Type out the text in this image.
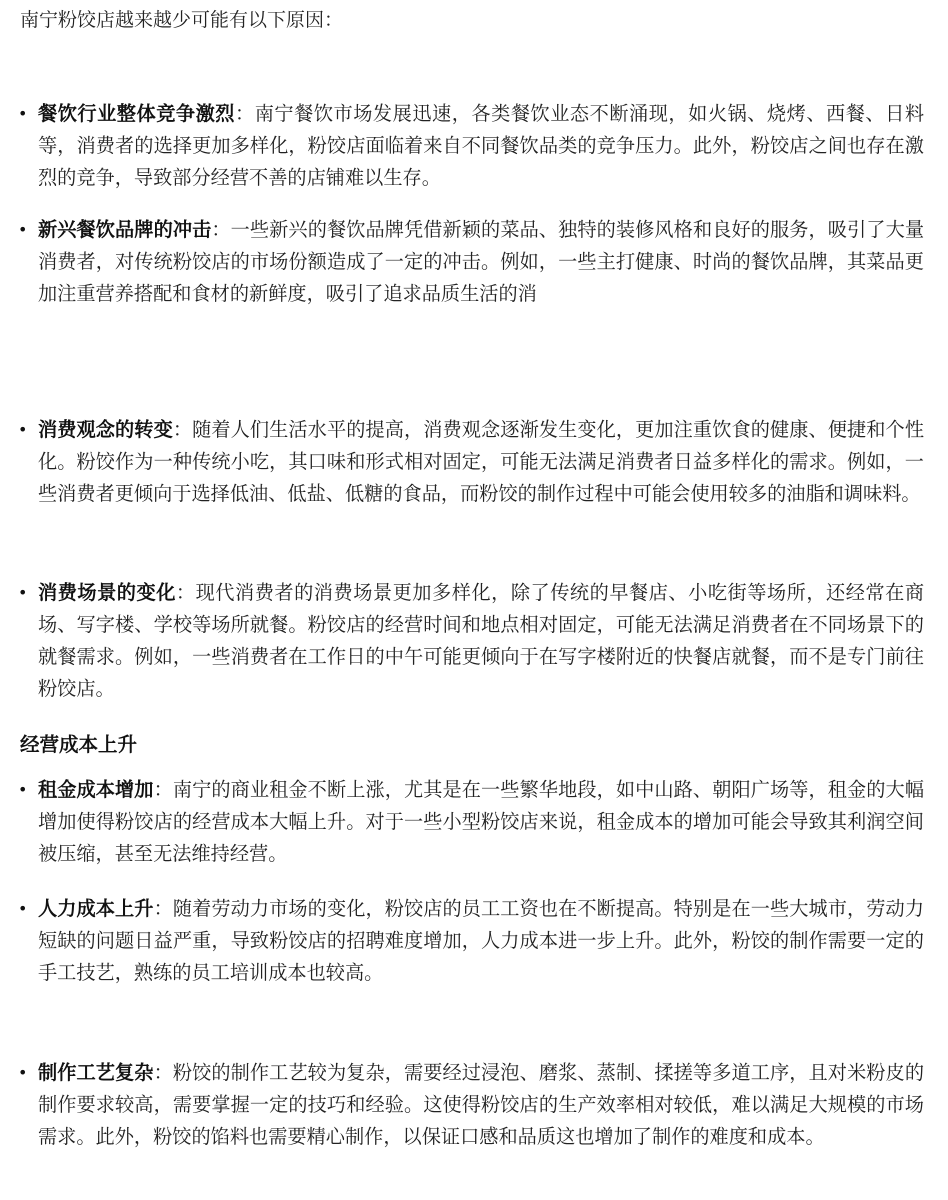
南宁粉饺店越来越少可能有以下原因：
• 餐饮行业整体竞争激烈：南宁餐饮市场发展迅速，各类餐饮业态不断涌现，如火锅、烧烤、西餐、日料等，消费者的选择更加多样化，粉饺店面临着来自不同餐饮品类的竞争压力。此外，粉饺店之间也存在激烈的竞争，导致部分经营不善的店铺难以生存。
• 新兴餐饮品牌的冲击：一些新兴的餐饮品牌凭借新颖的菜品、独特的装修风格和良好的服务，吸引了大量消费者，对传统粉饺店的市场份额造成了一定的冲击。例如，一些主打健康、时尚的餐饮品牌，其菜品更加注重营养搭配和食材的新鲜度，吸引了追求品质生活的消
• 消费观念的转变：随着人们生活水平的提高，消费观念逐渐发生变化，更加注重饮食的健康、便捷和个性化。粉饺作为一种传统小吃，其口味和形式相对固定，可能无法满足消费者日益多样化的需求。例如，一些消费者更倾向于选择低油、低盐、低糖的食品，而粉饺的制作过程中可能会使用较多的油脂和调味料。
• 消费场景的变化：现代消费者的消费场景更加多样化，除了传统的早餐店、小吃街等场所，还经常在商场、写字楼、学校等场所就餐。粉饺店的经营时间和地点相对固定，可能无法满足消费者在不同场景下的就餐需求。例如，一些消费者在工作日的中午可能更倾向于在写字楼附近的快餐店就餐，而不是专门前往粉饺店。
经营成本上升
• 租金成本增加：南宁的商业租金不断上涨，尤其是在一些繁华地段，如中山路、朝阳广场等，租金的大幅增加使得粉饺店的经营成本大幅上升。对于一些小型粉饺店来说，租金成本的增加可能会导致其利润空间被压缩，甚至无法维持经营。
• 人力成本上升：随着劳动力市场的变化，粉饺店的员工工资也在不断提高。特别是在一些大城市，劳动力短缺的问题日益严重，导致粉饺店的招聘难度增加，人力成本进一步上升。此外，粉饺的制作需要一定的手工技艺，熟练的员工培训成本也较高。
• 制作工艺复杂：粉饺的制作工艺较为复杂，需要经过浸泡、磨浆、蒸制、揉搓等多道工序，且对米粉皮的制作要求较高，需要掌握一定的技巧和经验。这使得粉饺店的生产效率相对较低，难以满足大规模的市场需求。此外，粉饺的馅料也需要精心制作，以保证口感和品质这也增加了制作的难度和成本。
